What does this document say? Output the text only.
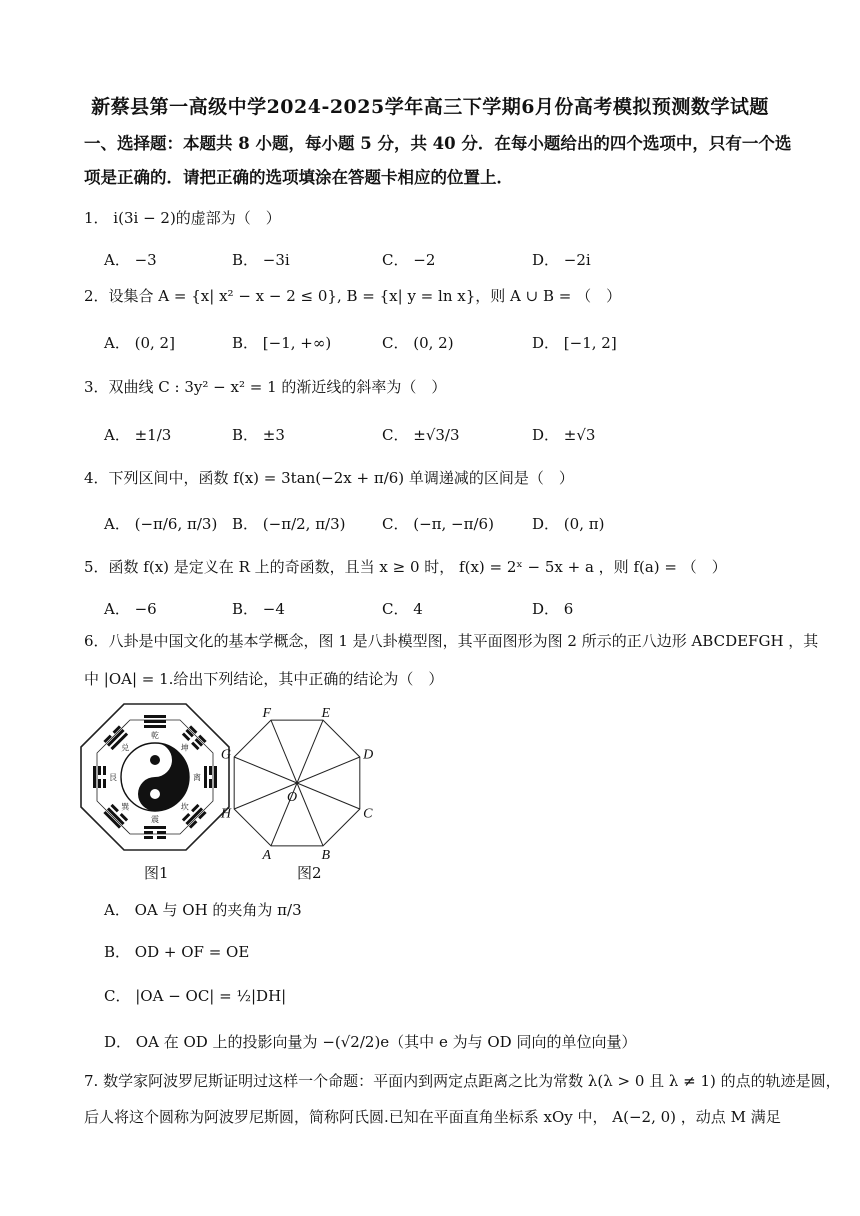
新蔡县第一高级中学2024-2025学年高三下学期6月份高考模拟预测数学试题
一、选择题：本题共 8 小题，每小题 5 分，共 40 分．在每小题给出的四个选项中，只有一个选
项是正确的．请把正确的选项填涂在答题卡相应的位置上．
1． i(3i − 2)的虚部为（　）
A． −3	B． −3i	C． −2	D． −2i
2．设集合 A = {x| x² − x − 2 ≤ 0}, B = {x| y = ln x}，则 A ∪ B = （　）
A． (0, 2]	B． [−1, +∞)	C． (0, 2)	D． [−1, 2]
3．双曲线 C : 3y² − x² = 1 的渐近线的斜率为（　）
A． ±1/3	B． ±3	C． ±√3/3	D． ±√3
4．下列区间中，函数 f(x) = 3tan(−2x + π/6) 单调递减的区间是（　）
A． (−π/6, π/3) B． (−π/2, π/3) C． (−π, −π/6)	D． (0, π)
5．函数 f(x) 是定义在 R 上的奇函数，且当 x ≥ 0 时， f(x) = 2ˣ − 5x + a ，则 f(a) = （　）
A． −6	B． −4	C． 4	D． 6
6．八卦是中国文化的基本学概念，图 1 是八卦模型图，其平面图形为图 2 所示的正八边形 ABCDEFGH ，其
中 |OA| = 1.给出下列结论，其中正确的结论为（　）
乾
坤
离
坎
震
巽
艮
兑
图1
F	E
D
C
B
A
H
G
O
图2
A． OA 与 OH 的夹角为 π/3
B． OD + OF = OE
C． |OA − OC| = ½|DH|
D． OA 在 OD 上的投影向量为 −(√2/2)e（其中 e 为与 OD 同向的单位向量）
7. 数学家阿波罗尼斯证明过这样一个命题：平面内到两定点距离之比为常数 λ(λ > 0 且 λ ≠ 1) 的点的轨迹是圆，
后人将这个圆称为阿波罗尼斯圆，简称阿氏圆.已知在平面直角坐标系 xOy 中， A(−2, 0) ，动点 M 满足
